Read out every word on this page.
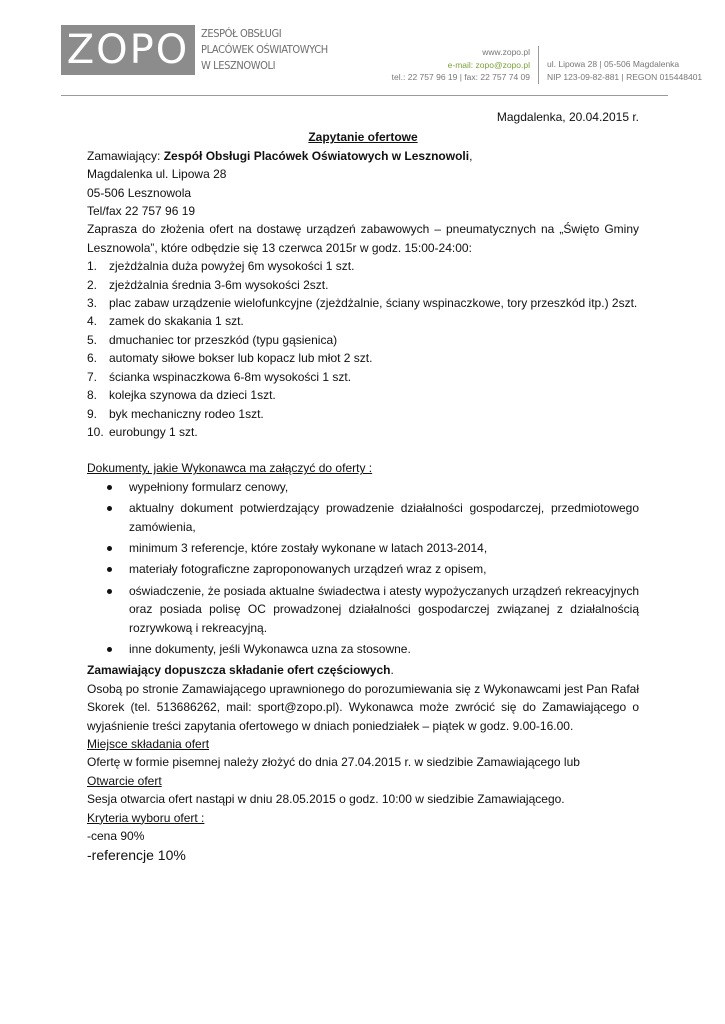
ZOPO	ZESPÓŁ OBSŁUGI
PLACÓWEK OŚWIATOWYCH
W LESZNOWOLI
www.zopo.pl
e-mail: zopo@zopo.pl
tel.: 22 757 96 19 | fax: 22 757 74 09
ul. Lipowa 28 | 05-506 Magdalenka
NIP 123-09-82-881 | REGON 015448401

Magdalenka, 20.04.2015 r.

Zapytanie ofertowe

Zamawiający: Zespół Obsługi Placówek Oświatowych w Lesznowoli,

Magdalenka ul. Lipowa 28

05-506 Lesznowola

Tel/fax 22 757 96 19

Zaprasza do złożenia ofert na dostawę urządzeń zabawowych – pneumatycznych na „Święto Gminy Lesznowola”, które odbędzie się 13 czerwca 2015r w godz. 15:00-24:00:

1. zjeżdżalnia duża powyżej 6m wysokości 1 szt.
2. zjeżdżalnia średnia 3-6m wysokości 2szt.
3. plac zabaw urządzenie wielofunkcyjne (zjeżdżalnie, ściany wspinaczkowe, tory przeszkód itp.) 2szt.
4. zamek do skakania 1 szt.
5. dmuchaniec tor przeszkód (typu gąsienica)
6. automaty siłowe bokser lub kopacz lub młot 2 szt.
7. ścianka wspinaczkowa 6-8m wysokości 1 szt.
8. kolejka szynowa da dzieci 1szt.
9. byk mechaniczny rodeo 1szt.
10. eurobungy 1 szt.

Dokumenty, jakie Wykonawca ma załączyć do oferty :

wypełniony formularz cenowy,
aktualny dokument potwierdzający prowadzenie działalności gospodarczej, przedmiotowego zamówienia,
minimum 3 referencje, które zostały wykonane w latach 2013-2014,
materiały fotograficzne zaproponowanych urządzeń wraz z opisem,
oświadczenie, że posiada aktualne świadectwa i atesty wypożyczanych urządzeń rekreacyjnych oraz posiada polisę OC prowadzonej działalności gospodarczej związanej z działalnością rozrywkową i rekreacyjną.
inne dokumenty, jeśli Wykonawca uzna za stosowne.

Zamawiający dopuszcza składanie ofert częściowych.

Osobą po stronie Zamawiającego uprawnionego do porozumiewania się z Wykonawcami jest Pan Rafał Skorek (tel. 513686262, mail: sport@zopo.pl). Wykonawca może zwrócić się do Zamawiającego o wyjaśnienie treści zapytania ofertowego w dniach poniedziałek – piątek w godz. 9.00-16.00.

Miejsce składania ofert

Ofertę w formie pisemnej należy złożyć do dnia 27.04.2015 r. w siedzibie Zamawiającego lub

Otwarcie ofert

Sesja otwarcia ofert nastąpi w dniu 28.05.2015 o godz. 10:00 w siedzibie Zamawiającego.

Kryteria wyboru ofert :

-cena 90%

-referencje 10%
